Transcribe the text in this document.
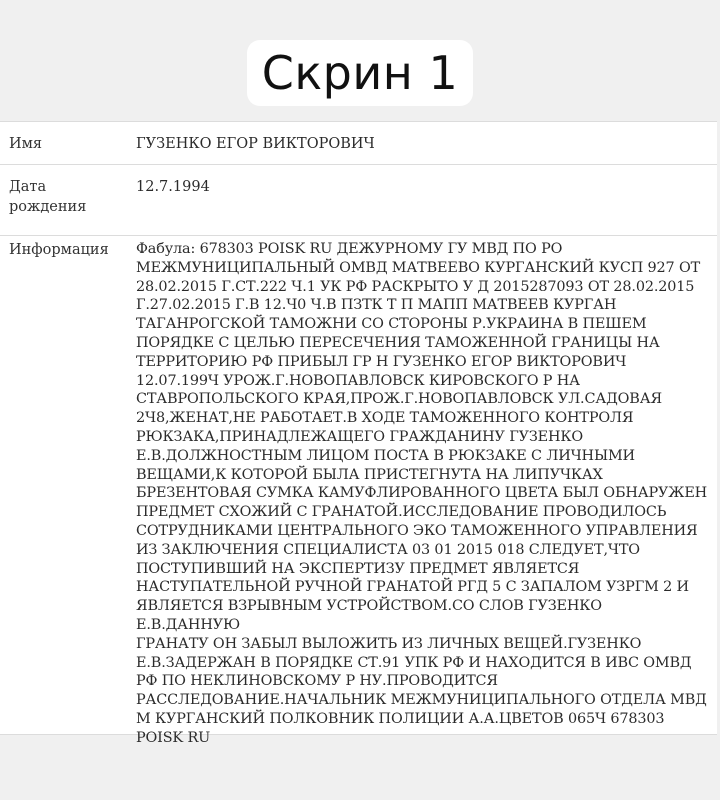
Скрин 1
Имя	ГУЗЕНКО ЕГОР ВИКТОРОВИЧ
Дата
рождения
12.7.1994
Информация	Фабула: 678303 POISK RU ДЕЖУРНОМУ ГУ МВД ПО РО
МЕЖМУНИЦИПАЛЬНЫЙ ОМВД МАТВЕЕВО КУРГАНСКИЙ КУСП 927 ОТ
28.02.2015 Г.СТ.222 Ч.1 УК РФ РАСКРЫТО У Д 2015287093 ОТ 28.02.2015
Г.27.02.2015 Г.В 12.Ч0 Ч.В ПЗТК Т П МАПП МАТВЕЕВ КУРГАН
ТАГАНРОГСКОЙ ТАМОЖНИ СО СТОРОНЫ Р.УКРАИНА В ПЕШЕМ
ПОРЯДКЕ С ЦЕЛЬЮ ПЕРЕСЕЧЕНИЯ ТАМОЖЕННОЙ ГРАНИЦЫ НА
ТЕРРИТОРИЮ РФ ПРИБЫЛ ГР Н ГУЗЕНКО ЕГОР ВИКТОРОВИЧ
12.07.199Ч УРОЖ.Г.НОВОПАВЛОВСК КИРОВСКОГО Р НА
СТАВРОПОЛЬСКОГО КРАЯ,ПРОЖ.Г.НОВОПАВЛОВСК УЛ.САДОВАЯ
2Ч8,ЖЕНАТ,НЕ РАБОТАЕТ.В ХОДЕ ТАМОЖЕННОГО КОНТРОЛЯ
РЮКЗАКА,ПРИНАДЛЕЖАЩЕГО ГРАЖДАНИНУ ГУЗЕНКО
Е.В.ДОЛЖНОСТНЫМ ЛИЦОМ ПОСТА В РЮКЗАКЕ С ЛИЧНЫМИ
ВЕЩАМИ,К КОТОРОЙ БЫЛА ПРИСТЕГНУТА НА ЛИПУЧКАХ
БРЕЗЕНТОВАЯ СУМКА КАМУФЛИРОВАННОГО ЦВЕТА БЫЛ ОБНАРУЖЕН
ПРЕДМЕТ СХОЖИЙ С ГРАНАТОЙ.ИССЛЕДОВАНИЕ ПРОВОДИЛОСЬ
СОТРУДНИКАМИ ЦЕНТРАЛЬНОГО ЭКО ТАМОЖЕННОГО УПРАВЛЕНИЯ
ИЗ ЗАКЛЮЧЕНИЯ СПЕЦИАЛИСТА 03 01 2015 018 СЛЕДУЕТ,ЧТО
ПОСТУПИВШИЙ НА ЭКСПЕРТИЗУ ПРЕДМЕТ ЯВЛЯЕТСЯ
НАСТУПАТЕЛЬНОЙ РУЧНОЙ ГРАНАТОЙ РГД 5 С ЗАПАЛОМ УЗРГМ 2 И
ЯВЛЯЕТСЯ ВЗРЫВНЫМ УСТРОЙСТВОМ.СО СЛОВ ГУЗЕНКО Е.В.ДАННУЮ
ГРАНАТУ ОН ЗАБЫЛ ВЫЛОЖИТЬ ИЗ ЛИЧНЫХ ВЕЩЕЙ.ГУЗЕНКО
Е.В.ЗАДЕРЖАН В ПОРЯДКЕ СТ.91 УПК РФ И НАХОДИТСЯ В ИВС ОМВД
РФ ПО НЕКЛИНОВСКОМУ Р НУ.ПРОВОДИТСЯ
РАССЛЕДОВАНИЕ.НАЧАЛЬНИК МЕЖМУНИЦИПАЛЬНОГО ОТДЕЛА МВД
М КУРГАНСКИЙ ПОЛКОВНИК ПОЛИЦИИ А.А.ЦВЕТОВ 065Ч 678303
POISK RU
